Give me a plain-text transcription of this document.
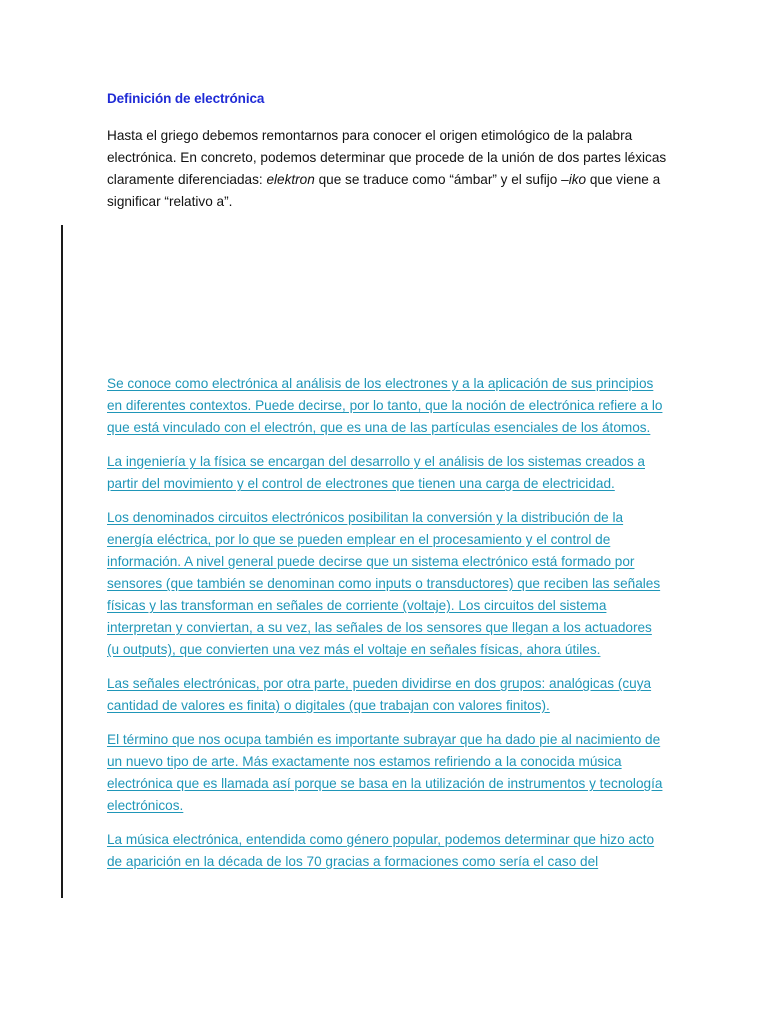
Definición de electrónica

Hasta el griego debemos remontarnos para conocer el origen etimológico de la palabra electrónica. En concreto, podemos determinar que procede de la unión de dos partes léxicas claramente diferenciadas: elektron que se traduce como “ámbar” y el sufijo –iko que viene a significar “relativo a”.

Se conoce como electrónica al análisis de los electrones y a la aplicación de sus principios en diferentes contextos. Puede decirse, por lo tanto, que la noción de electrónica refiere a lo que está vinculado con el electrón, que es una de las partículas esenciales de los átomos.

La ingeniería y la física se encargan del desarrollo y el análisis de los sistemas creados a partir del movimiento y el control de electrones que tienen una carga de electricidad.

Los denominados circuitos electrónicos posibilitan la conversión y la distribución de la energía eléctrica, por lo que se pueden emplear en el procesamiento y el control de información. A nivel general puede decirse que un sistema electrónico está formado por sensores (que también se denominan como inputs o transductores) que reciben las señales físicas y las transforman en señales de corriente (voltaje). Los circuitos del sistema interpretan y conviertan, a su vez, las señales de los sensores que llegan a los actuadores (u outputs), que convierten una vez más el voltaje en señales físicas, ahora útiles.

Las señales electrónicas, por otra parte, pueden dividirse en dos grupos: analógicas (cuya cantidad de valores es finita) o digitales (que trabajan con valores finitos).

El término que nos ocupa también es importante subrayar que ha dado pie al nacimiento de un nuevo tipo de arte. Más exactamente nos estamos refiriendo a la conocida música electrónica que es llamada así porque se basa en la utilización de instrumentos y tecnología electrónicos.

La música electrónica, entendida como género popular, podemos determinar que hizo acto de aparición en la década de los 70 gracias a formaciones como sería el caso del
